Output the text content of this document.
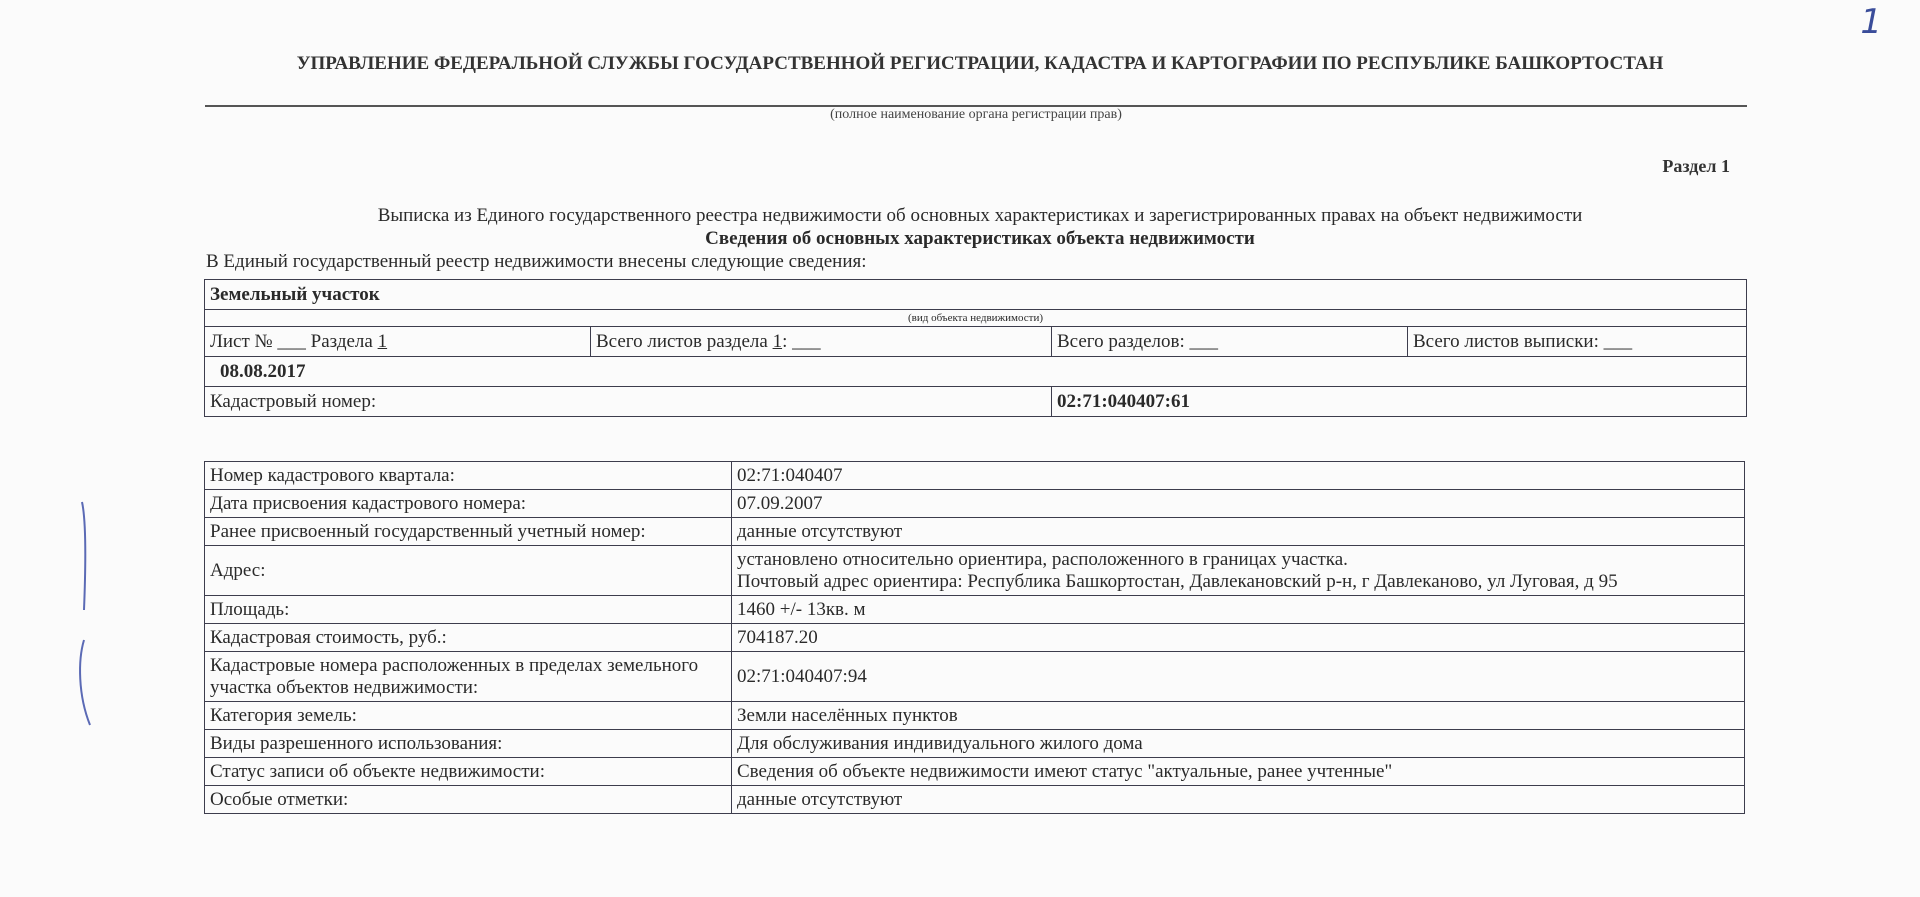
1
УПРАВЛЕНИЕ ФЕДЕРАЛЬНОЙ СЛУЖБЫ ГОСУДАРСТВЕННОЙ РЕГИСТРАЦИИ, КАДАСТРА И КАРТОГРАФИИ ПО РЕСПУБЛИКЕ БАШКОРТОСТАН
(полное наименование органа регистрации прав)
Раздел 1
Выписка из Единого государственного реестра недвижимости об основных характеристиках и зарегистрированных правах на объект недвижимости
Сведения об основных характеристиках объекта недвижимости
В Единый государственный реестр недвижимости внесены следующие сведения:
Земельный участок			
(вид объекта недвижимости)			
Лист № ___ Раздела 1	Всего листов раздела 1: ___	Всего разделов: ___	Всего листов выписки: ___
08.08.2017			
Кадастровый номер:		02:71:040407:61	
Номер кадастрового квартала:	02:71:040407
Дата присвоения кадастрового номера:	07.09.2007
Ранее присвоенный государственный учетный номер:	данные отсутствуют
Адрес:	установлено относительно ориентира, расположенного в границах участка.
Почтовый адрес ориентира: Республика Башкортостан, Давлекановский р-н, г Давлеканово, ул Луговая, д 95

Площадь:	1460 +/- 13кв. м
Кадастровая стоимость, руб.:	704187.20
Кадастровые номера расположенных в пределах земельного участка объектов недвижимости:	02:71:040407:94
Категория земель:	Земли населённых пунктов
Виды разрешенного использования:	Для обслуживания индивидуального жилого дома
Статус записи об объекте недвижимости:	Сведения об объекте недвижимости имеют статус "актуальные, ранее учтенные"
Особые отметки:	данные отсутствуют
